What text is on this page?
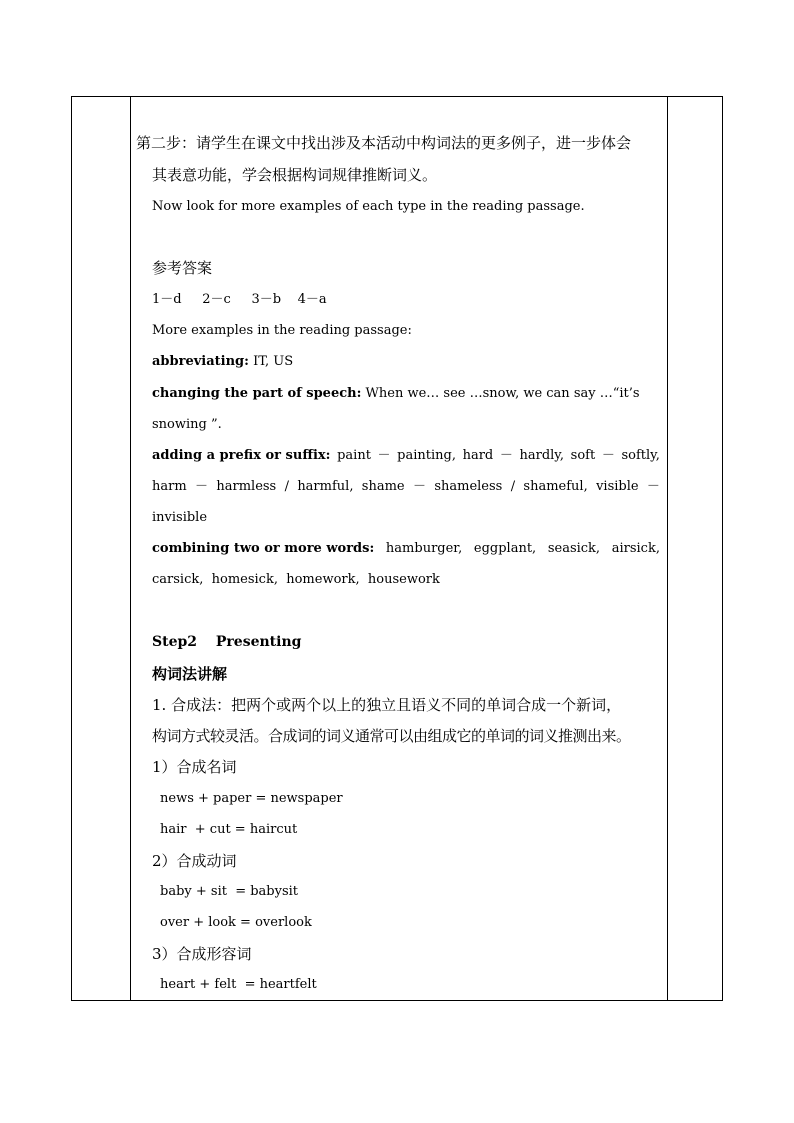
第二步：请学生在课文中找出涉及本活动中构词法的更多例子，进一步体会
其表意功能，学会根据构词规律推断词义。
Now look for more examples of each type in the reading passage.
参考答案
1－d     2－c     3－b    4－a
More examples in the reading passage:
abbreviating: IT, US
changing the part of speech: When we… see …snow, we can say …“it’s
snowing ”.
adding a prefix or suffix: paint － painting, hard － hardly, soft － softly,
harm － harmless / harmful, shame － shameless / shameful, visible －
invisible
combining two or more words: hamburger, eggplant, seasick, airsick,
carsick,  homesick,  homework,  housework
Step2 Presenting
构词法讲解
1. 合成法：把两个或两个以上的独立且语义不同的单词合成一个新词，
构词方式较灵活。合成词的词义通常可以由组成它的单词的词义推测出来。
1）合成名词
news + paper = newspaper
hair  + cut = haircut
2）合成动词
baby + sit  = babysit
over + look = overlook
3）合成形容词
heart + felt  = heartfelt
